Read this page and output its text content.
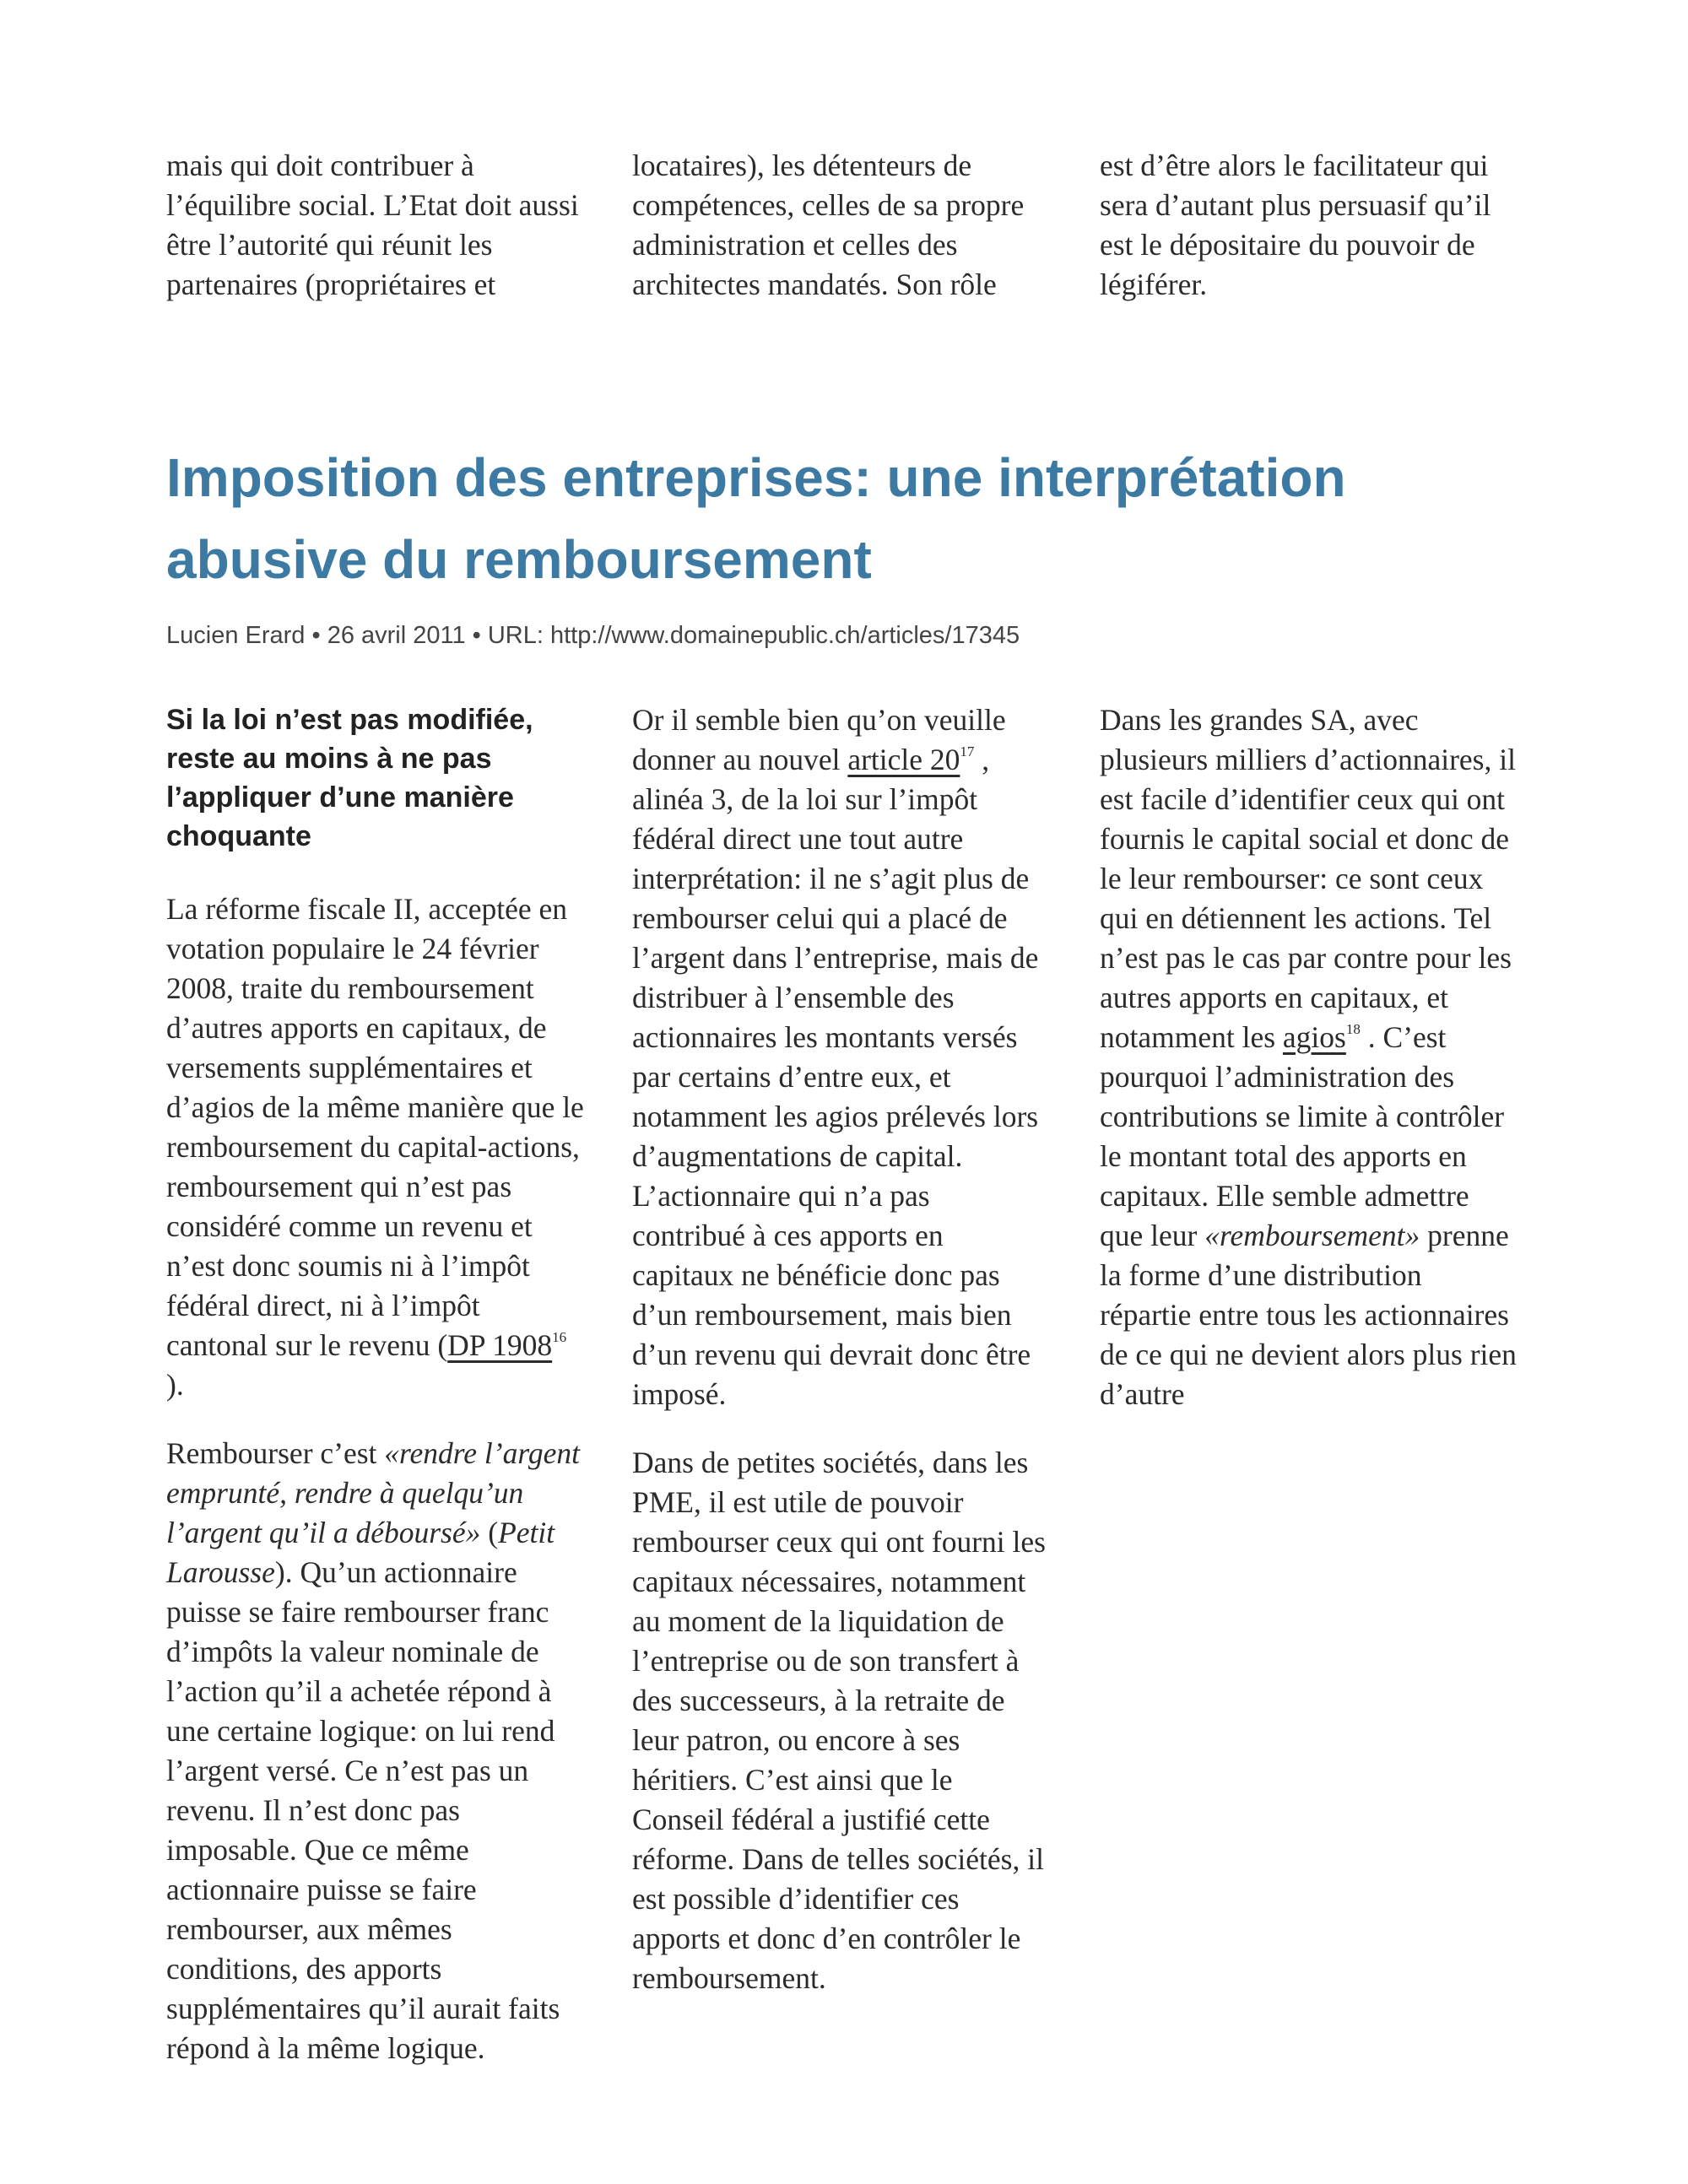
mais qui doit contribuer à l’équilibre social. L’Etat doit aussi être l’autorité qui réunit les partenaires (propriétaires et

locataires), les détenteurs de compétences, celles de sa propre administration et celles des architectes mandatés. Son rôle

est d’être alors le facilitateur qui sera d’autant plus persuasif qu’il est le dépositaire du pouvoir de légiférer.

Imposition des entreprises: une interprétation abusive du remboursement
Lucien Erard • 26 avril 2011 • URL: http://www.domainepublic.ch/articles/17345
Si la loi n’est pas modifiée, reste au moins à ne pas l’appliquer d’une manière choquante

La réforme fiscale II, acceptée en votation populaire le 24 février 2008, traite du remboursement d’autres apports en capitaux, de versements supplémentaires et d’agios de la même manière que le remboursement du capital-actions, remboursement qui n’est pas considéré comme un revenu et n’est donc soumis ni à l’impôt fédéral direct, ni à l’impôt cantonal sur le revenu (DP 1908$^{16}$ ).

Rembourser c’est «rendre l’argent emprunté, rendre à quelqu’un l’argent qu’il a déboursé» (Petit Larousse). Qu’un actionnaire puisse se faire rembourser franc d’impôts la valeur nominale de l’action qu’il a achetée répond à une certaine logique: on lui rend l’argent versé. Ce n’est pas un revenu. Il n’est donc pas imposable. Que ce même actionnaire puisse se faire rembourser, aux mêmes conditions, des apports supplémentaires qu’il aurait faits répond à la même logique.

Or il semble bien qu’on veuille donner au nouvel article 20$^{17}$ , alinéa 3, de la loi sur l’impôt fédéral direct une tout autre interprétation: il ne s’agit plus de rembourser celui qui a placé de l’argent dans l’entreprise, mais de distribuer à l’ensemble des actionnaires les montants versés par certains d’entre eux, et notamment les agios prélevés lors d’augmentations de capital. L’actionnaire qui n’a pas contribué à ces apports en capitaux ne bénéficie donc pas d’un remboursement, mais bien d’un revenu qui devrait donc être imposé.

Dans de petites sociétés, dans les PME, il est utile de pouvoir rembourser ceux qui ont fourni les capitaux nécessaires, notamment au moment de la liquidation de l’entreprise ou de son transfert à des successeurs, à la retraite de leur patron, ou encore à ses héritiers. C’est ainsi que le Conseil fédéral a justifié cette réforme. Dans de telles sociétés, il est possible d’identifier ces apports et donc d’en contrôler le remboursement.

Dans les grandes SA, avec plusieurs milliers d’actionnaires, il est facile d’identifier ceux qui ont fournis le capital social et donc de le leur rembourser: ce sont ceux qui en détiennent les actions. Tel n’est pas le cas par contre pour les autres apports en capitaux, et notamment les agios$^{18}$ . C’est pourquoi l’administration des contributions se limite à contrôler le montant total des apports en capitaux. Elle semble admettre que leur «remboursement» prenne la forme d’une distribution répartie entre tous les actionnaires de ce qui ne devient alors plus rien d’autre
